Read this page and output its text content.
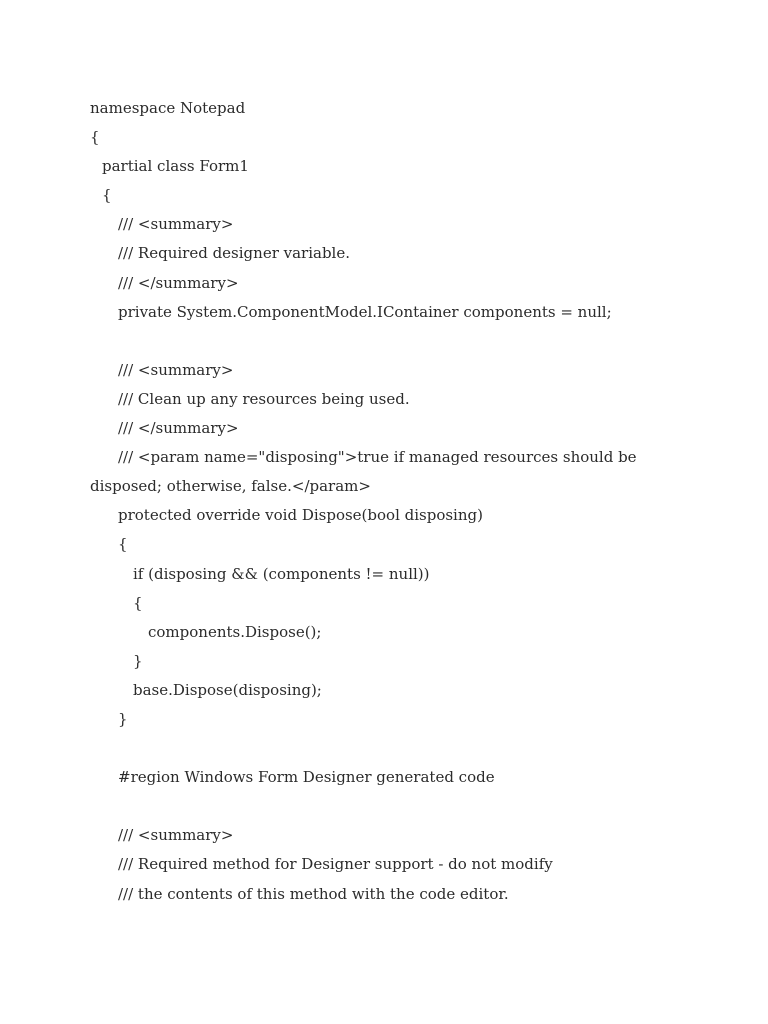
namespace Notepad
{
partial class Form1
{
/// <summary>
/// Required designer variable.
/// </summary>
private System.ComponentModel.IContainer components = null;
/// <summary>
/// Clean up any resources being used.
/// </summary>
/// <param name="disposing">true if managed resources should be
disposed; otherwise, false.</param>
protected override void Dispose(bool disposing)
{
if (disposing && (components != null))
{
components.Dispose();
}
base.Dispose(disposing);
}
#region Windows Form Designer generated code
/// <summary>
/// Required method for Designer support - do not modify
/// the contents of this method with the code editor.
